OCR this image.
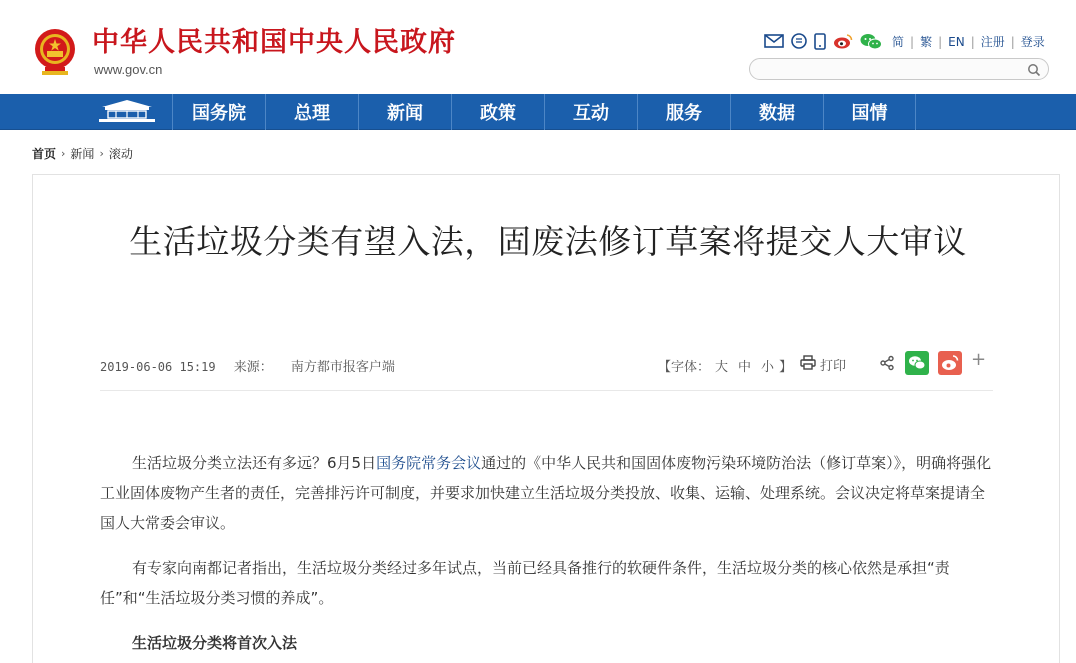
中华人民共和国中央人民政府
www.gov.cn
简 | 繁 | EN | 注册 | 登录
国务院	总理	新闻	政策	互动	服务	数据	国情
首页 › 新闻 › 滚动
生活垃圾分类有望入法，固废法修订草案将提交人大审议
2019-06-06 15:19 来源： 南方都市报客户端	【字体： 大 中 小 】 打印	+

生活垃圾分类立法还有多远？6月5日国务院常务会议通过的《中华人民共和国固体废物污染环境防治法（修订草案）》，明确将强化工业固体废物产生者的责任，完善排污许可制度，并要求加快建立生活垃圾分类投放、收集、运输、处理系统。会议决定将草案提请全国人大常委会审议。

有专家向南都记者指出，生活垃圾分类经过多年试点，当前已经具备推行的软硬件条件，生活垃圾分类的核心依然是承担“责任”和“生活垃圾分类习惯的养成”。

生活垃圾分类将首次入法
